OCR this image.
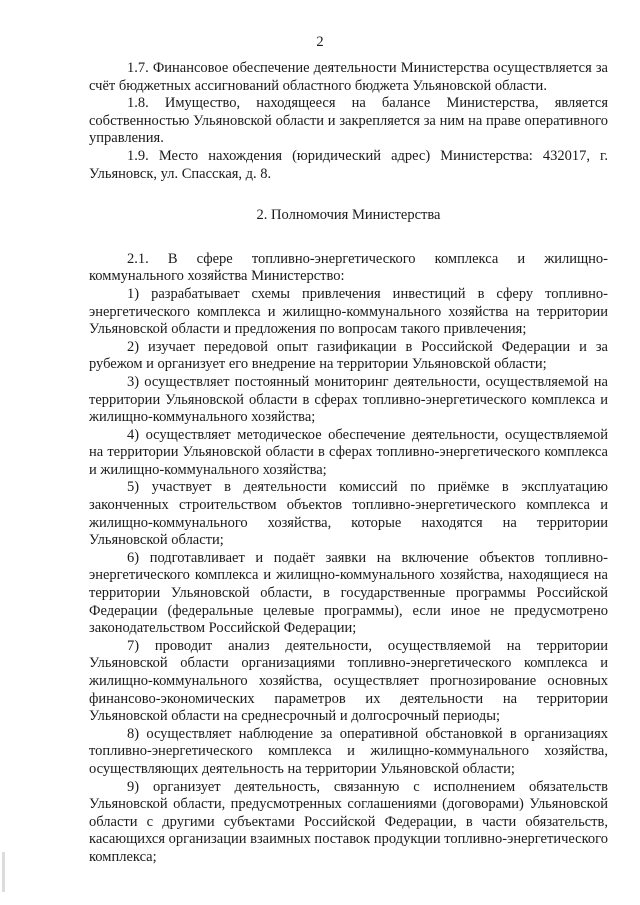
2

1.7. Финансовое обеспечение деятельности Министерства осуществляется за счёт бюджетных ассигнований областного бюджета Ульяновской области.

1.8. Имущество, находящееся на балансе Министерства, является собственностью Ульяновской области и закрепляется за ним на праве оперативного управления.

1.9. Место нахождения (юридический адрес) Министерства: 432017, г. Ульяновск, ул. Спасская, д. 8.

2. Полномочия Министерства

2.1. В сфере топливно-энергетического комплекса и жилищно-коммунального хозяйства Министерство:

1) разрабатывает схемы привлечения инвестиций в сферу топливно-энергетического комплекса и жилищно-коммунального хозяйства на территории Ульяновской области и предложения по вопросам такого привлечения;

2) изучает передовой опыт газификации в Российской Федерации и за рубежом и организует его внедрение на территории Ульяновской области;

3) осуществляет постоянный мониторинг деятельности, осуществляемой на территории Ульяновской области в сферах топливно-энергетического комплекса и жилищно-коммунального хозяйства;

4) осуществляет методическое обеспечение деятельности, осуществляемой на территории Ульяновской области в сферах топливно-энергетического комплекса и жилищно-коммунального хозяйства;

5) участвует в деятельности комиссий по приёмке в эксплуатацию законченных строительством объектов топливно-энергетического комплекса и жилищно-коммунального хозяйства, которые находятся на территории Ульяновской области;

6) подготавливает и подаёт заявки на включение объектов топливно-энергетического комплекса и жилищно-коммунального хозяйства, находящиеся на территории Ульяновской области, в государственные программы Российской Федерации (федеральные целевые программы), если иное не предусмотрено законодательством Российской Федерации;

7) проводит анализ деятельности, осуществляемой на территории Ульяновской области организациями топливно-энергетического комплекса и жилищно-коммунального хозяйства, осуществляет прогнозирование основных финансово-экономических параметров их деятельности на территории Ульяновской области на среднесрочный и долгосрочный периоды;

8) осуществляет наблюдение за оперативной обстановкой в организациях топливно-энергетического комплекса и жилищно-коммунального хозяйства, осуществляющих деятельность на территории Ульяновской области;

9) организует деятельность, связанную с исполнением обязательств Ульяновской области, предусмотренных соглашениями (договорами) Ульяновской области с другими субъектами Российской Федерации, в части обязательств, касающихся организации взаимных поставок продукции топливно-энергетического комплекса;
